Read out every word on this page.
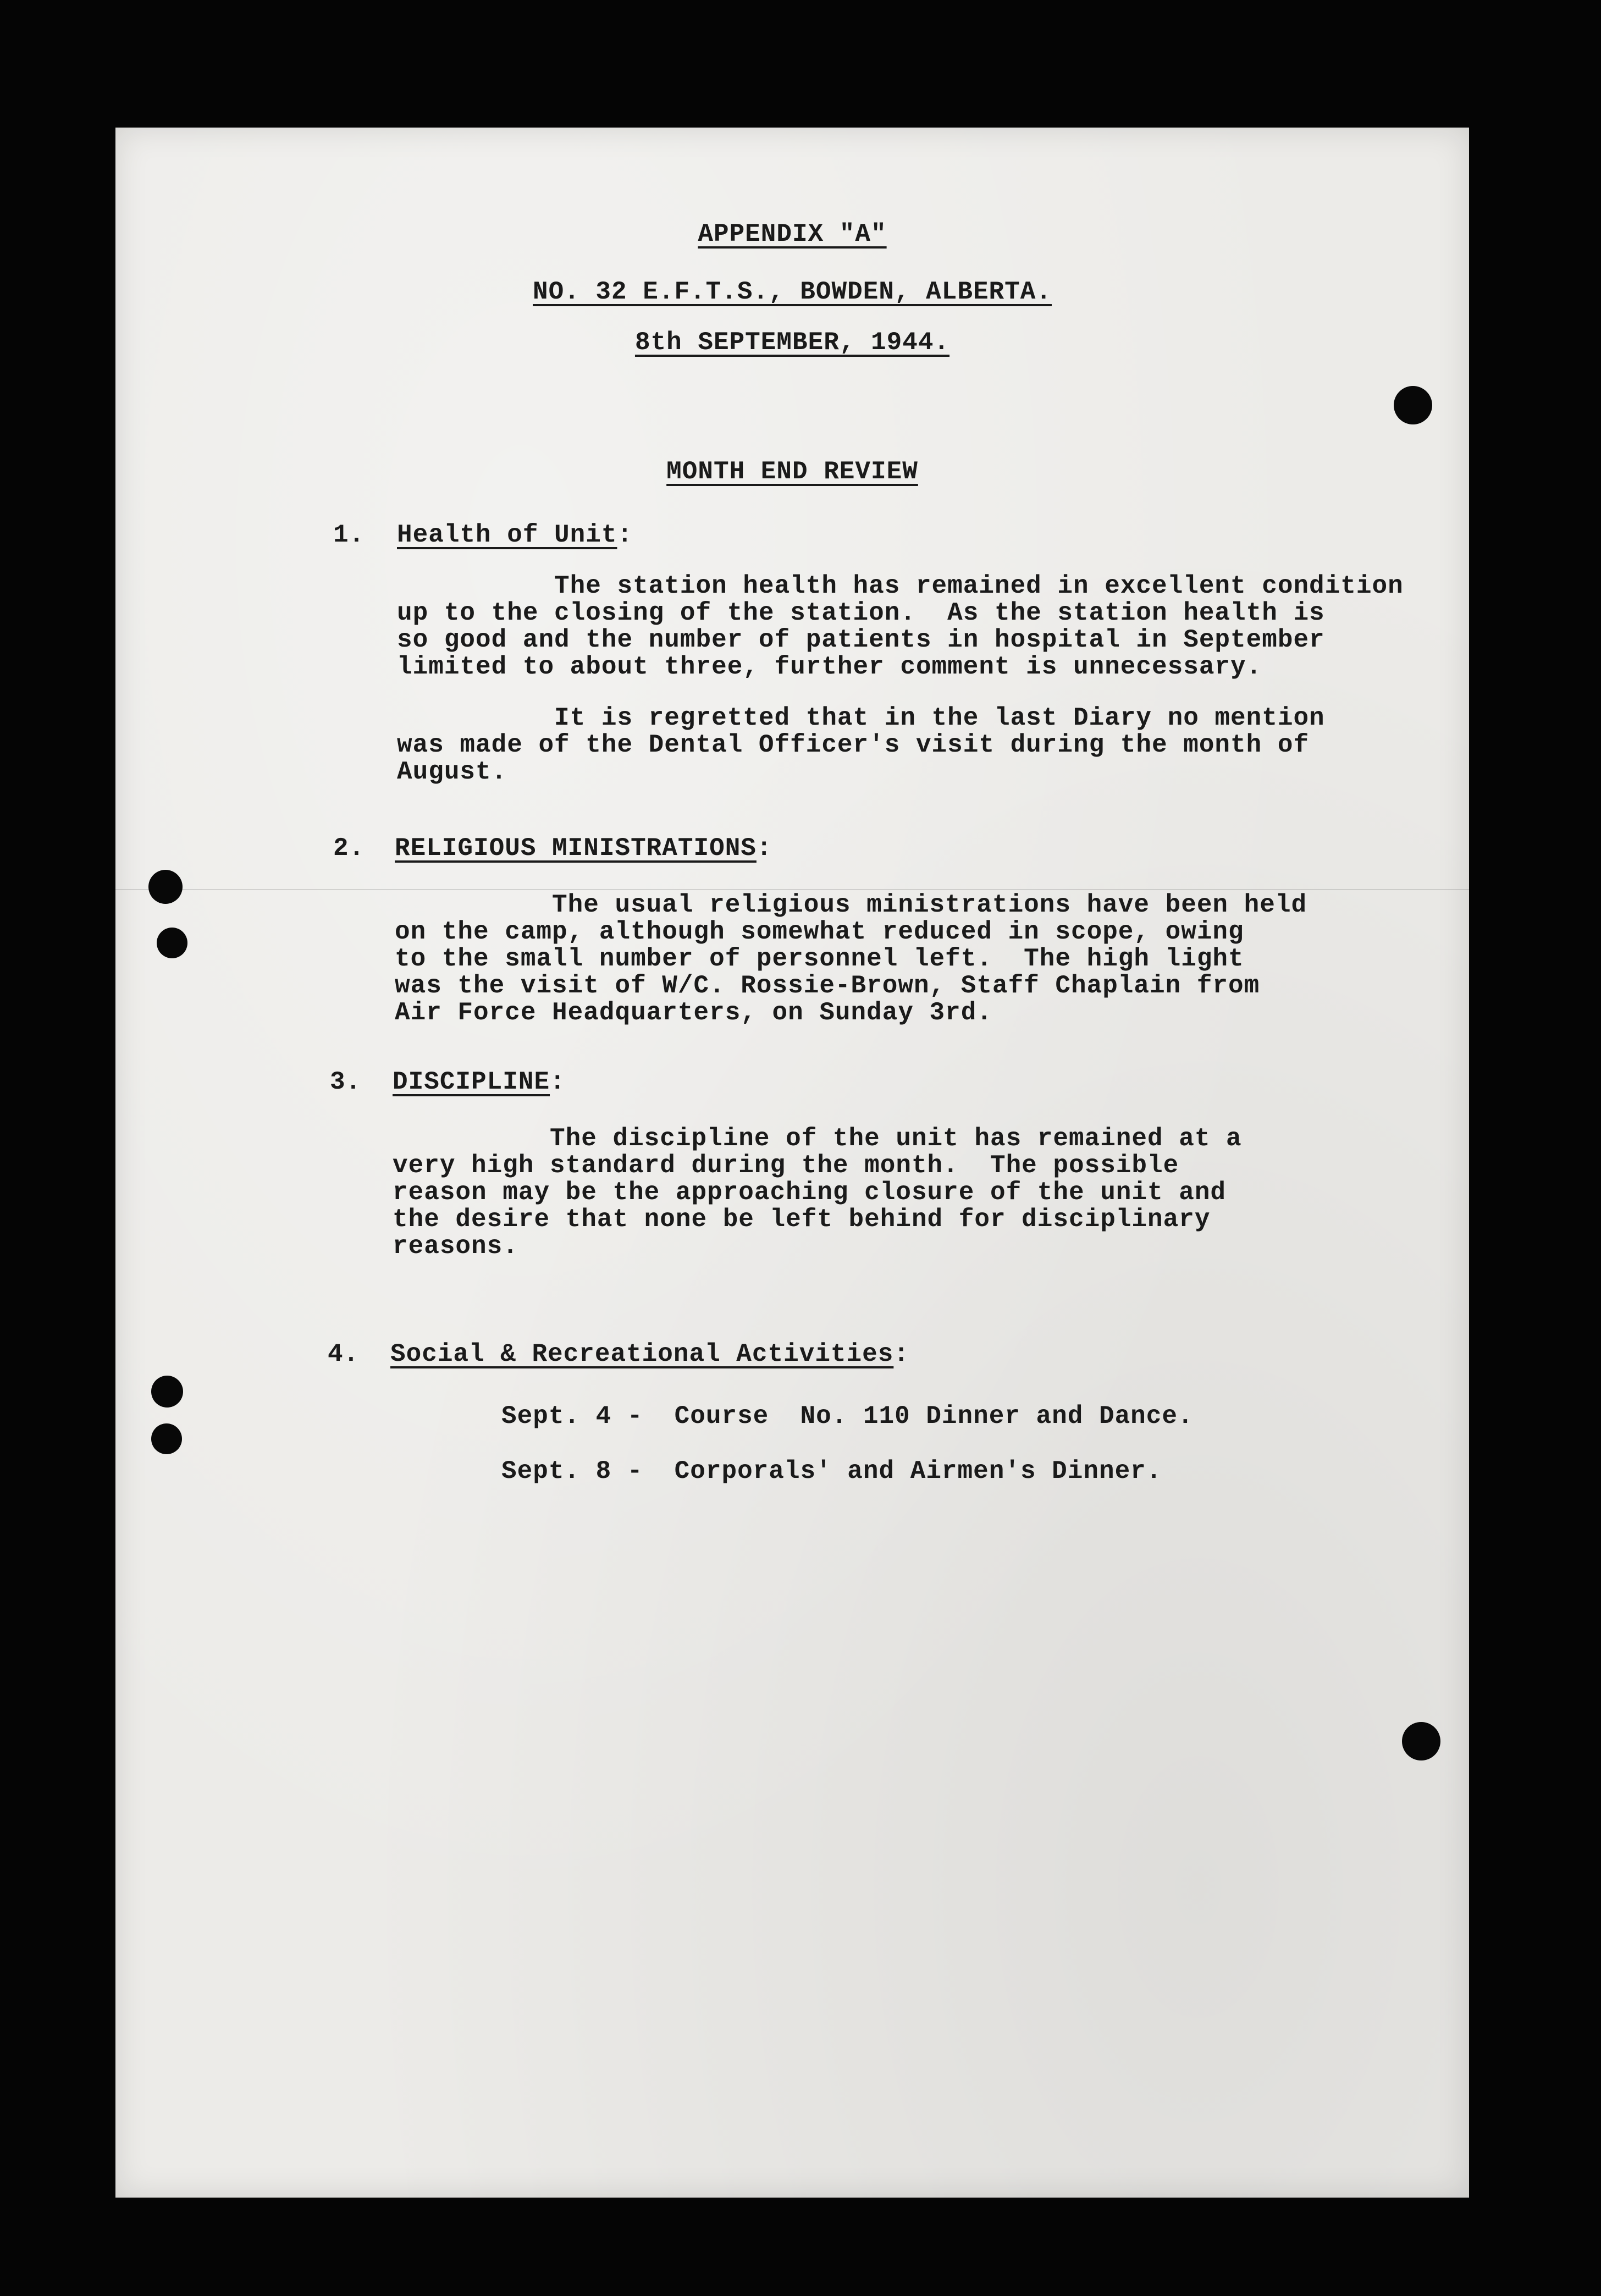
APPENDIX "A"
NO. 32 E.F.T.S., BOWDEN, ALBERTA.
8th SEPTEMBER, 1944.
MONTH END REVIEW
1. Health of Unit:
The station health has remained in excellent condition
up to the closing of the station.  As the station health is
so good and the number of patients in hospital in September
limited to about three, further comment is unnecessary.
It is regretted that in the last Diary no mention
was made of the Dental Officer's visit during the month of
August.
2. RELIGIOUS MINISTRATIONS:
The usual religious ministrations have been held
on the camp, although somewhat reduced in scope, owing
to the small number of personnel left.  The high light
was the visit of W/C. Rossie-Brown, Staff Chaplain from
Air Force Headquarters, on Sunday 3rd.
3. DISCIPLINE:
The discipline of the unit has remained at a
very high standard during the month.  The possible
reason may be the approaching closure of the unit and
the desire that none be left behind for disciplinary
reasons.
4. Social & Recreational Activities:
Sept. 4 -  Course  No. 110 Dinner and Dance.
Sept. 8 -  Corporals' and Airmen's Dinner.
